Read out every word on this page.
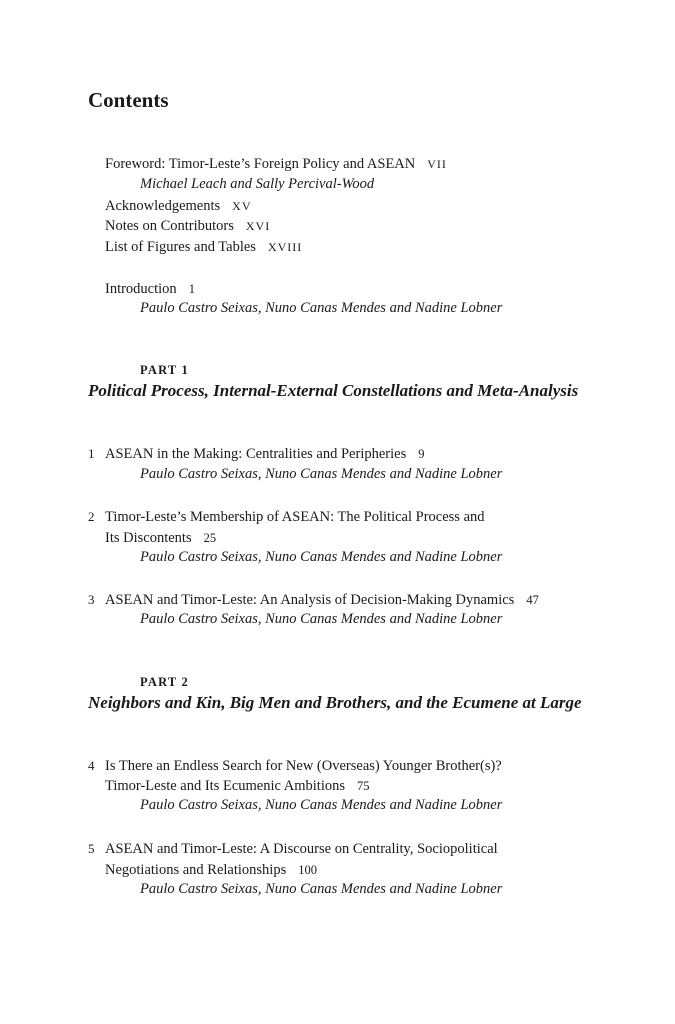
Contents
Foreword: Timor-Leste’s Foreign Policy and ASEAN VII
Michael Leach and Sally Percival-Wood
Acknowledgements XV
Notes on Contributors XVI
List of Figures and Tables XVIII
Introduction 1
Paulo Castro Seixas, Nuno Canas Mendes and Nadine Lobner
PART 1
Political Process, Internal-External Constellations and Meta-Analysis
1 ASEAN in the Making: Centralities and Peripheries 9
Paulo Castro Seixas, Nuno Canas Mendes and Nadine Lobner
2 Timor-Leste’s Membership of ASEAN: The Political Process and
Its Discontents 25
Paulo Castro Seixas, Nuno Canas Mendes and Nadine Lobner
3 ASEAN and Timor-Leste: An Analysis of Decision-Making Dynamics 47
Paulo Castro Seixas, Nuno Canas Mendes and Nadine Lobner
PART 2
Neighbors and Kin, Big Men and Brothers, and the Ecumene at Large
4 Is There an Endless Search for New (Overseas) Younger Brother(s)?
Timor-Leste and Its Ecumenic Ambitions 75
Paulo Castro Seixas, Nuno Canas Mendes and Nadine Lobner
5 ASEAN and Timor-Leste: A Discourse on Centrality, Sociopolitical
Negotiations and Relationships 100
Paulo Castro Seixas, Nuno Canas Mendes and Nadine Lobner
